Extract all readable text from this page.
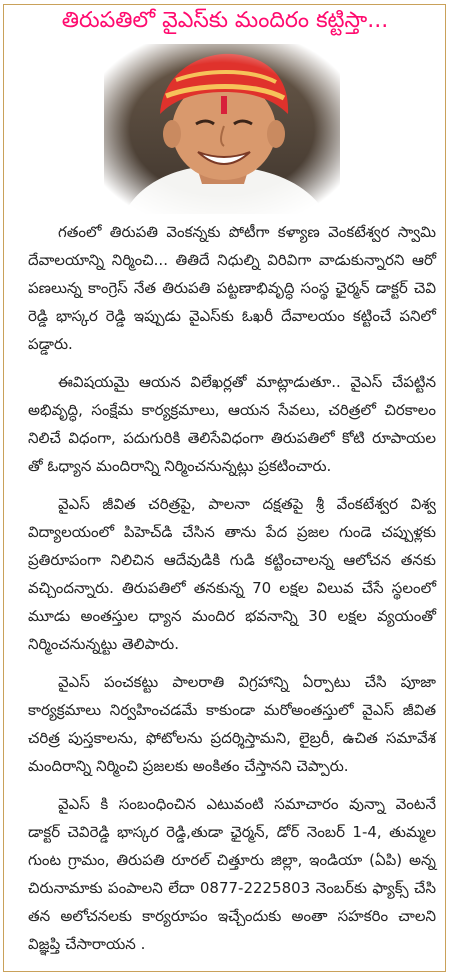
తిరుపతిలో వైఎస్‌కు మందిరం కట్టిస్తా...

గతంలో తిరుపతి వెంకన్నకు పోటీగా కళ్యాణ వెంకటేశ్వర స్వామి దేవాలయాన్ని నిర్మించి... తితిదే నిధుల్ని విరివిగా వాడుకున్నారని ఆరో పణలున్న కాంగ్రెస్ నేత తిరుపతి పట్టణాభివృద్ధి సంస్థ ఛైర్మన్ డాక్టర్ చెవి రెడ్డి భాస్కర రెడ్డి ఇప్పుడు వైఎస్‌కు ఓఖరీ దేవాలయం కట్టించే పనిలో పడ్డారు.

ఈవిషయమై ఆయన విలేఖర్లతో మాట్లాడుతూ.. వైఎస్ చేపట్టిన అభివృద్ధి, సంక్షేమ కార్యక్రమాలు, ఆయన సేవలు, చరిత్రలో చిరకాలం నిలిచే విధంగా, పదుగురికి తెలిసేవిధంగా తిరుపతిలో కోటి రూపాయల తో ఓధ్యాన మందిరాన్ని నిర్మించనున్నట్లు ప్రకటించారు.

వైఎస్ జీవిత చరిత్రపై, పాలనా దక్షతపై శ్రీ వేంకటేశ్వర విశ్వ విద్యాలయంలో పిహెచ్‌డి చేసిన తాను పేద ప్రజల గుండె చప్పుళ్లకు ప్రతిరూపంగా నిలిచిన ఆదేవుడికి గుడి కట్టించాలన్న ఆలోచన తనకు వచ్చిందన్నారు. తిరుపతిలో తనకున్న 70 లక్షల విలువ చేసే స్థలంలో మూడు అంతస్తుల ధ్యాన మందిర భవనాన్ని 30 లక్షల వ్యయంతో నిర్మించనున్నట్టు తెలిపారు.

వైఎస్ పంచకట్టు పాలరాతి విగ్రహాన్ని ఏర్పాటు చేసి పూజా కార్యక్రమాలు నిర్వహించడమే కాకుండా మరోఅంతస్తులో వైఎస్ జీవిత చరిత్ర పుస్తకాలను, ఫోటోలను ప్రదర్శిస్తామని, లైబ్రరీ, ఉచిత సమావేశ మందిరాన్ని నిర్మించి ప్రజలకు అంకితం చేస్తానని చెప్పారు.

వైఎస్ కి సంబంధించిన ఎటువంటి సమాచారం వున్నా వెంటనే డాక్టర్ చెవిరెడ్డి భాస్కర రెడ్డి,తుడా ఛైర్మన్, డోర్ నెంబర్ 1-4, తుమ్మల గుంట గ్రామం, తిరుపతి రూరల్ చిత్తూరు జిల్లా, ఇండియా (ఏపి) అన్న చిరునామాకు పంపాలని లేదా 0877-2225803 నెంబర్‌కు ఫ్యాక్స్ చేసి తన అలోచనలకు కార్యరూపం ఇచ్చేందుకు అంతా సహకరిం చాలని విజ్ఞప్తి చేసారాయన .
